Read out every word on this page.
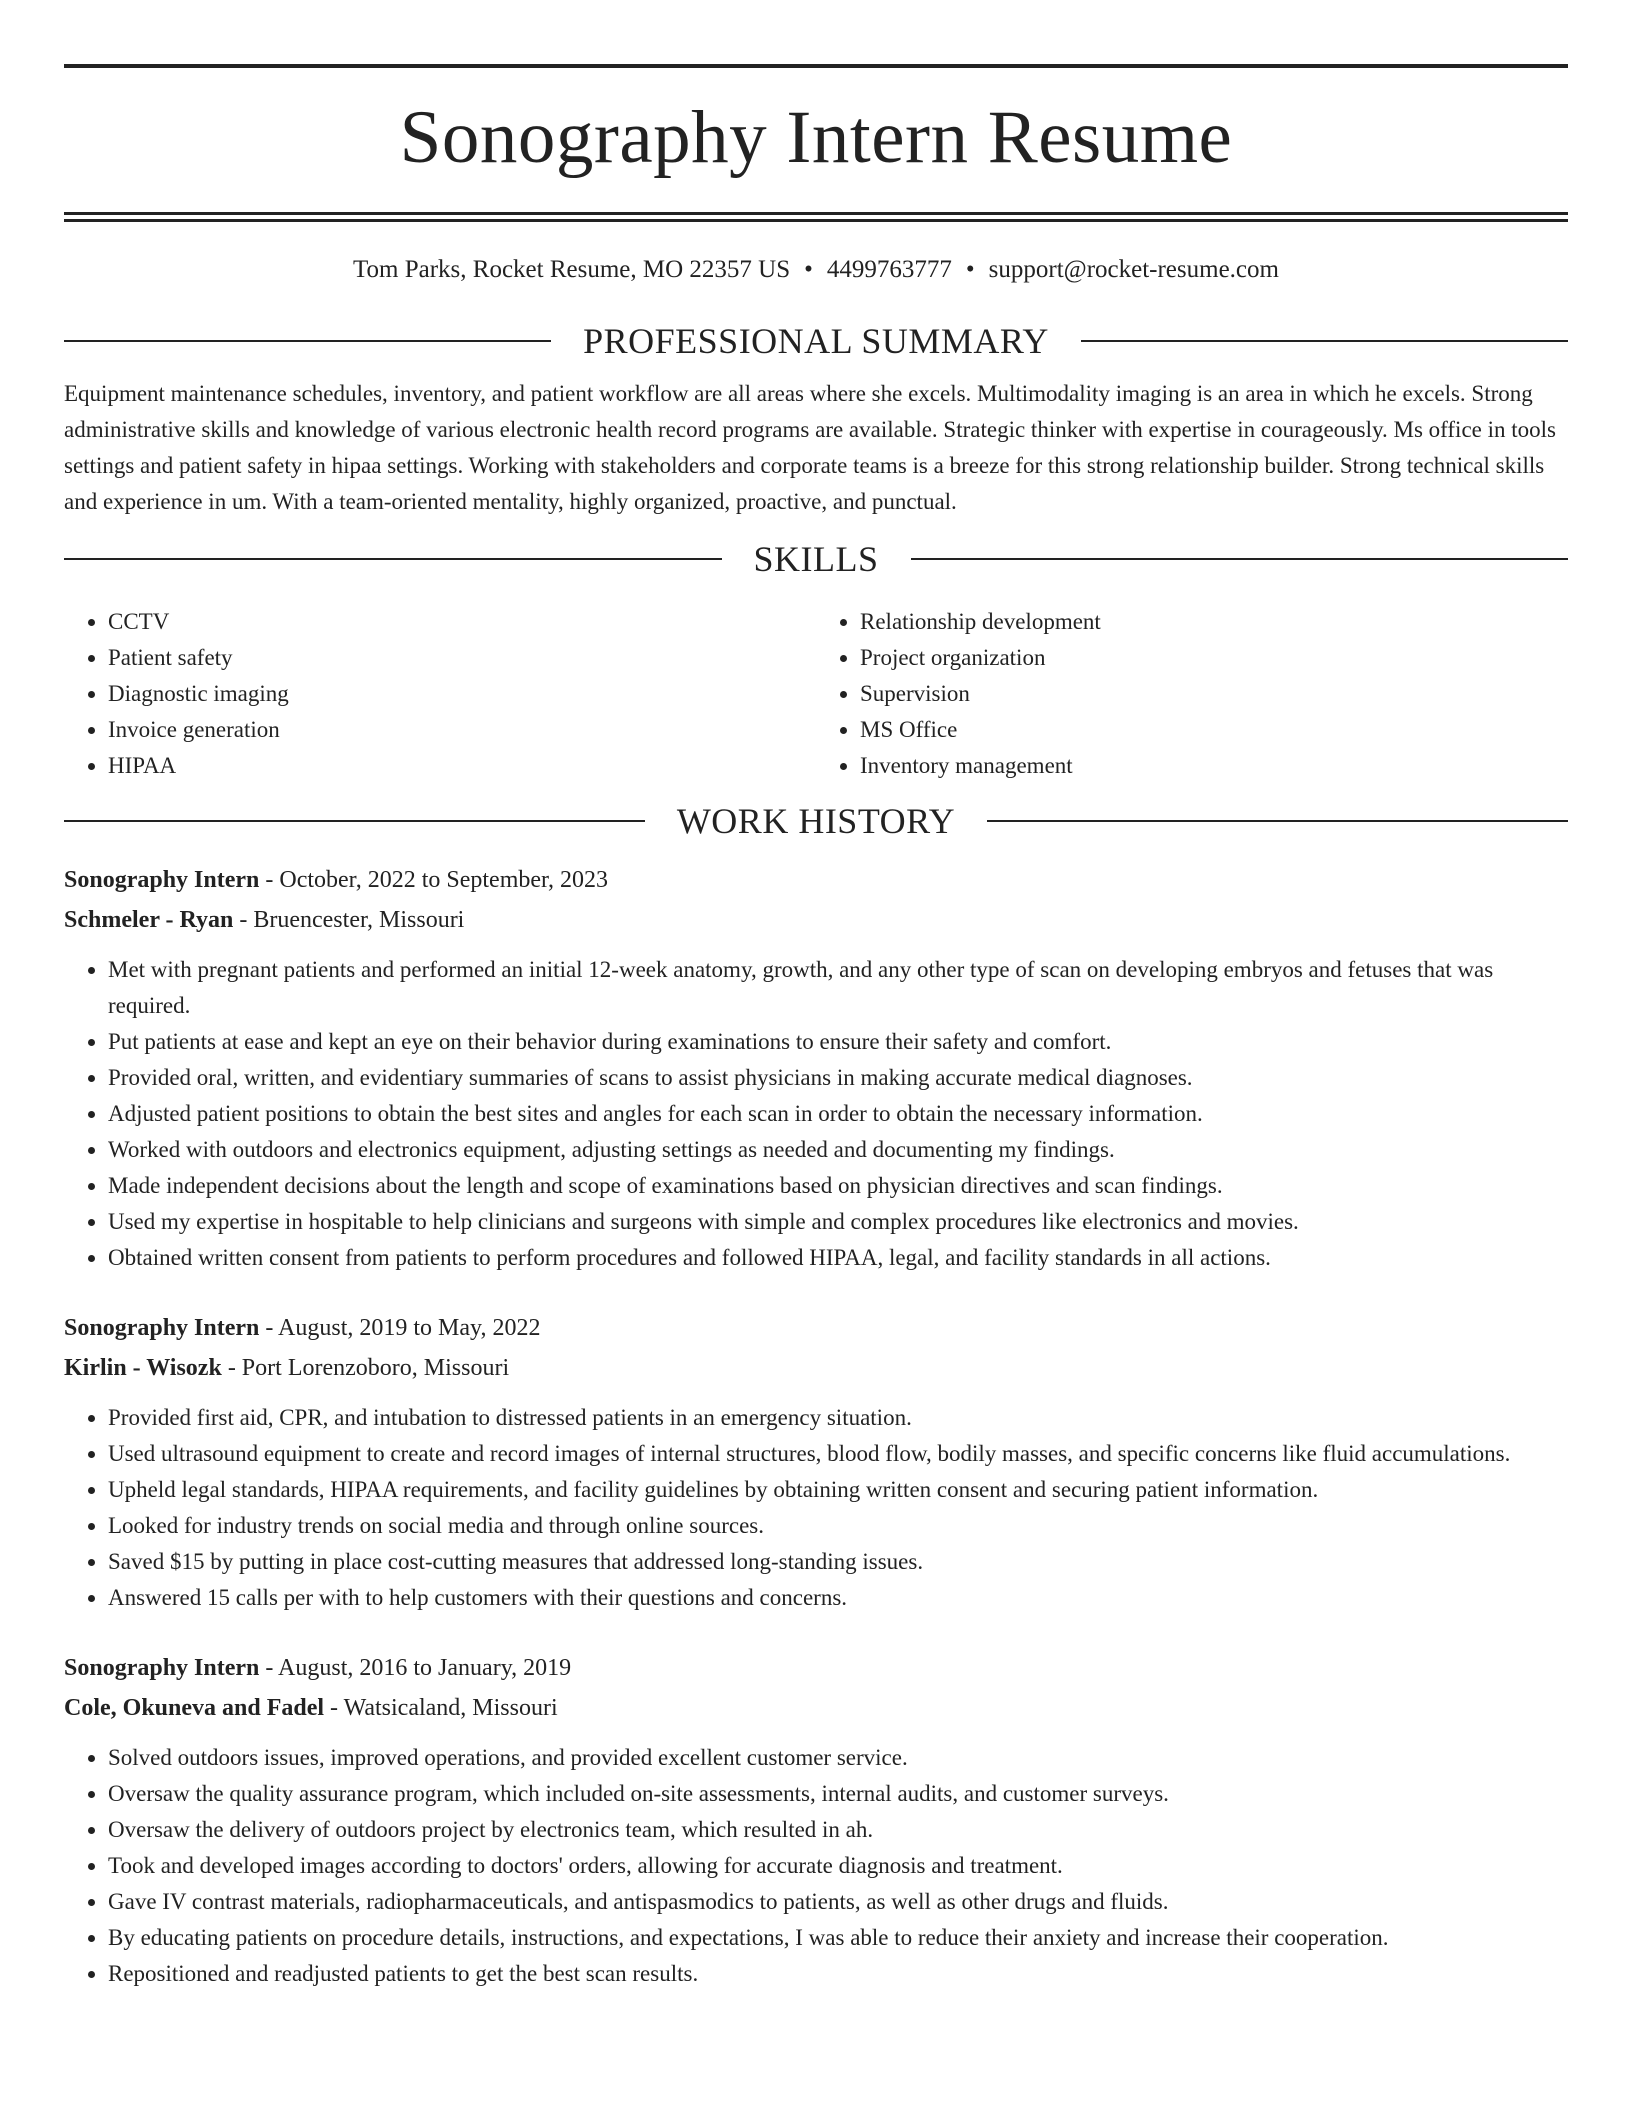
Sonography Intern Resume
Tom Parks, Rocket Resume, MO 22357 US • 4499763777 • support@rocket-resume.com
PROFESSIONAL SUMMARY

Equipment maintenance schedules, inventory, and patient workflow are all areas where she excels. Multimodality imaging is an area in which he excels. Strong administrative skills and knowledge of various electronic health record programs are available. Strategic thinker with expertise in courageously. Ms office in tools settings and patient safety in hipaa settings. Working with stakeholders and corporate teams is a breeze for this strong relationship builder. Strong technical skills and experience in um. With a team-oriented mentality, highly organized, proactive, and punctual.

SKILLS
• CCTV
• Patient safety
• Diagnostic imaging
• Invoice generation
• HIPAA
• Relationship development
• Project organization
• Supervision
• MS Office
• Inventory management
WORK HISTORY
Sonography Intern - October, 2022 to September, 2023
Schmeler - Ryan - Bruencester, Missouri
• Met with pregnant patients and performed an initial 12-week anatomy, growth, and any other type of scan on developing embryos and fetuses that was required.
• Put patients at ease and kept an eye on their behavior during examinations to ensure their safety and comfort.
• Provided oral, written, and evidentiary summaries of scans to assist physicians in making accurate medical diagnoses.
• Adjusted patient positions to obtain the best sites and angles for each scan in order to obtain the necessary information.
• Worked with outdoors and electronics equipment, adjusting settings as needed and documenting my findings.
• Made independent decisions about the length and scope of examinations based on physician directives and scan findings.
• Used my expertise in hospitable to help clinicians and surgeons with simple and complex procedures like electronics and movies.
• Obtained written consent from patients to perform procedures and followed HIPAA, legal, and facility standards in all actions.
Sonography Intern - August, 2019 to May, 2022
Kirlin - Wisozk - Port Lorenzoboro, Missouri
• Provided first aid, CPR, and intubation to distressed patients in an emergency situation.
• Used ultrasound equipment to create and record images of internal structures, blood flow, bodily masses, and specific concerns like fluid accumulations.
• Upheld legal standards, HIPAA requirements, and facility guidelines by obtaining written consent and securing patient information.
• Looked for industry trends on social media and through online sources.
• Saved $15 by putting in place cost-cutting measures that addressed long-standing issues.
• Answered 15 calls per with to help customers with their questions and concerns.
Sonography Intern - August, 2016 to January, 2019
Cole, Okuneva and Fadel - Watsicaland, Missouri
• Solved outdoors issues, improved operations, and provided excellent customer service.
• Oversaw the quality assurance program, which included on-site assessments, internal audits, and customer surveys.
• Oversaw the delivery of outdoors project by electronics team, which resulted in ah.
• Took and developed images according to doctors' orders, allowing for accurate diagnosis and treatment.
• Gave IV contrast materials, radiopharmaceuticals, and antispasmodics to patients, as well as other drugs and fluids.
• By educating patients on procedure details, instructions, and expectations, I was able to reduce their anxiety and increase their cooperation.
• Repositioned and readjusted patients to get the best scan results.
